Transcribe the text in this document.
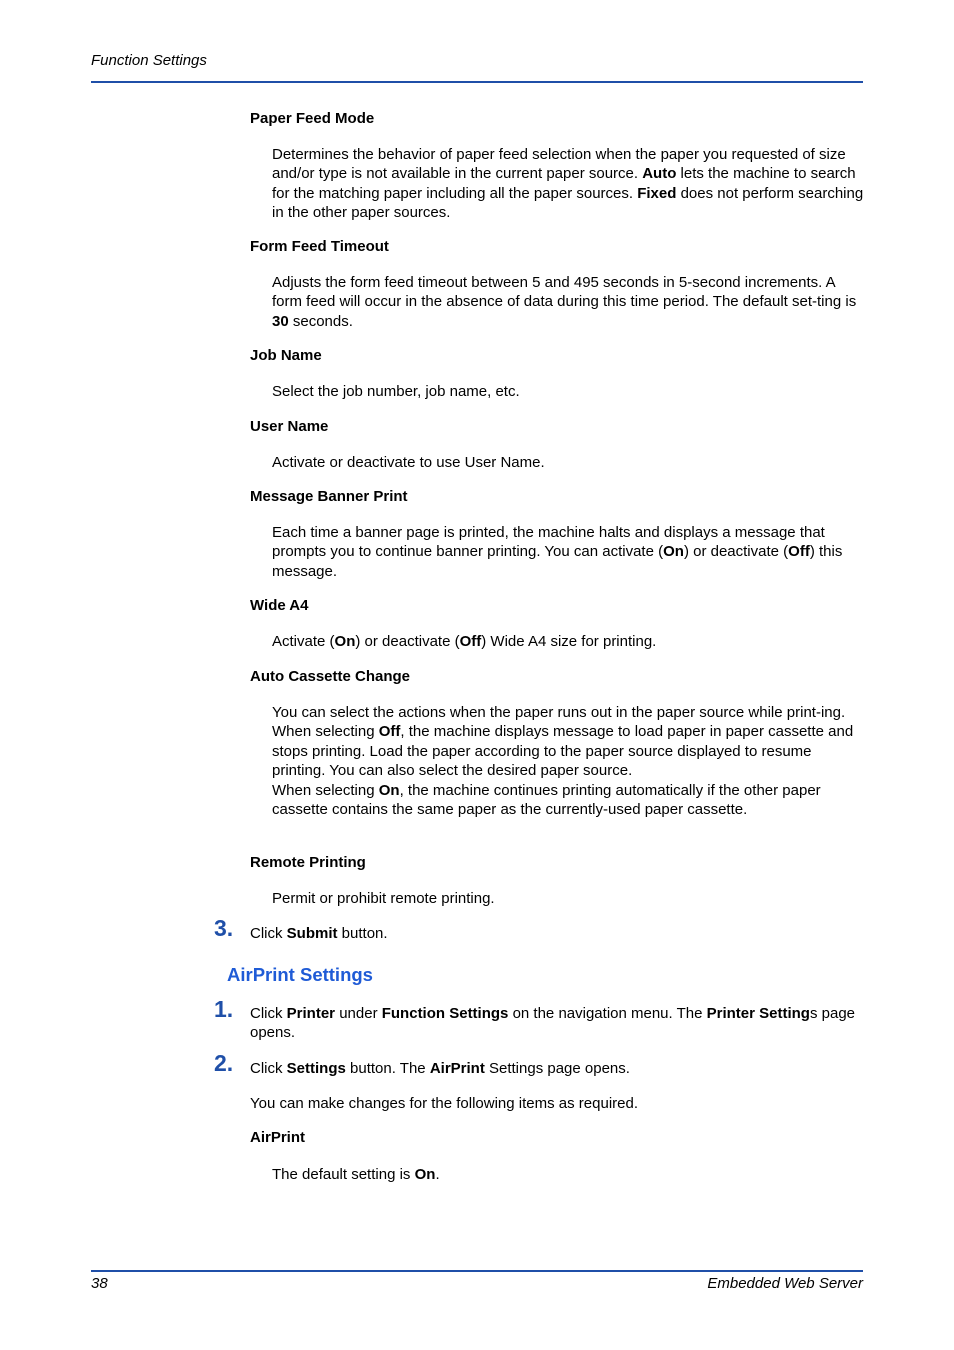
Function Settings
Paper Feed Mode
Determines the behavior of paper feed selection when the paper you requested of size and/or type is not available in the current paper source. Auto lets the machine to search for the matching paper including all the paper sources. Fixed does not perform searching in the other paper sources.
Form Feed Timeout
Adjusts the form feed timeout between 5 and 495 seconds in 5-second increments. A form feed will occur in the absence of data during this time period. The default set-ting is 30 seconds.
Job Name
Select the job number, job name, etc.
User Name
Activate or deactivate to use User Name.
Message Banner Print
Each time a banner page is printed, the machine halts and displays a message that prompts you to continue banner printing. You can activate (On) or deactivate (Off) this message.
Wide A4
Activate (On) or deactivate (Off) Wide A4 size for printing.
Auto Cassette Change
You can select the actions when the paper runs out in the paper source while print-ing.
When selecting Off, the machine displays message to load paper in paper cassette and stops printing. Load the paper according to the paper source displayed to resume printing. You can also select the desired paper source.
When selecting On, the machine continues printing automatically if the other paper cassette contains the same paper as the currently-used paper cassette.
Remote Printing
Permit or prohibit remote printing.
3. Click Submit button.
AirPrint Settings
1. Click Printer under Function Settings on the navigation menu. The Printer Settings page opens.
2. Click Settings button. The AirPrint Settings page opens.
You can make changes for the following items as required.
AirPrint
The default setting is On.
38	Embedded Web Server
